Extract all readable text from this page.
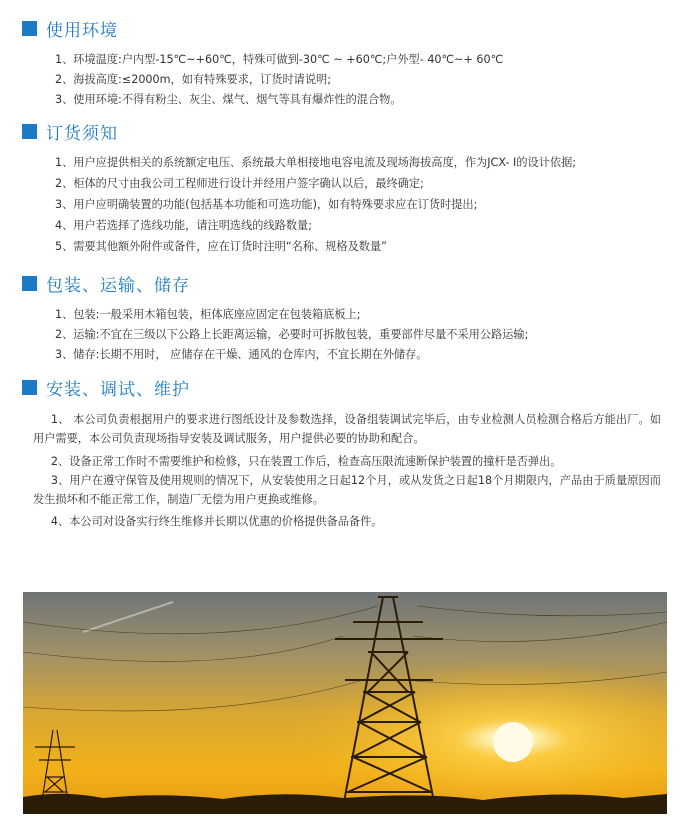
使用环境
1、环境温度:户内型-15℃~+60℃，特殊可做到-30℃ ~ +60℃;户外型- 40℃~+ 60℃
2、海拔高度:≤2000m，如有特殊要求，订货时请说明;
3、使用环境:不得有粉尘、灰尘、煤气、烟气等具有爆炸性的混合物。
订货须知
1、用户应提供相关的系统额定电压、系统最大单相接地电容电流及现场海拔高度，作为JCX- Ⅰ的设计依据;
2、柜体的尺寸由我公司工程师进行设计并经用户签字确认以后，最终确定;
3、用户应明确装置的功能(包括基本功能和可选功能)，如有特殊要求应在订货时提出;
4、用户若选择了选线功能，请注明选线的线路数量;
5、需要其他额外附件或备件，应在订货时注明“名称、规格及数量”
包装、运输、储存
1、包装:一般采用木箱包装，柜体底座应固定在包装箱底板上;
2、运输:不宜在三级以下公路上长距离运输，必要时可拆散包装，重要部件尽量不采用公路运输;
3、储存:长期不用时， 应储存在干燥、通风的仓库内，不宜长期在外储存。
安装、调试、维护
1、 本公司负责根据用户的要求进行图纸设计及参数选择，设备组装调试完毕后，由专业检测人员检测合格后方能出厂。如用户需要，本公司负责现场指导安装及调试服务，用户提供必要的协助和配合。
2、设备正常工作时不需要维护和检修，只在装置工作后，检查高压限流速断保护装置的撞杆是否弹出。
3、用户在遵守保管及使用规则的情况下，从安装使用之日起12个月，或从发货之日起18个月期限内，产品由于质量原因而发生损坏和不能正常工作，制造厂无偿为用户更换或维修。
4、本公司对设备实行终生维修并长期以优惠的价格提供备品备件。
